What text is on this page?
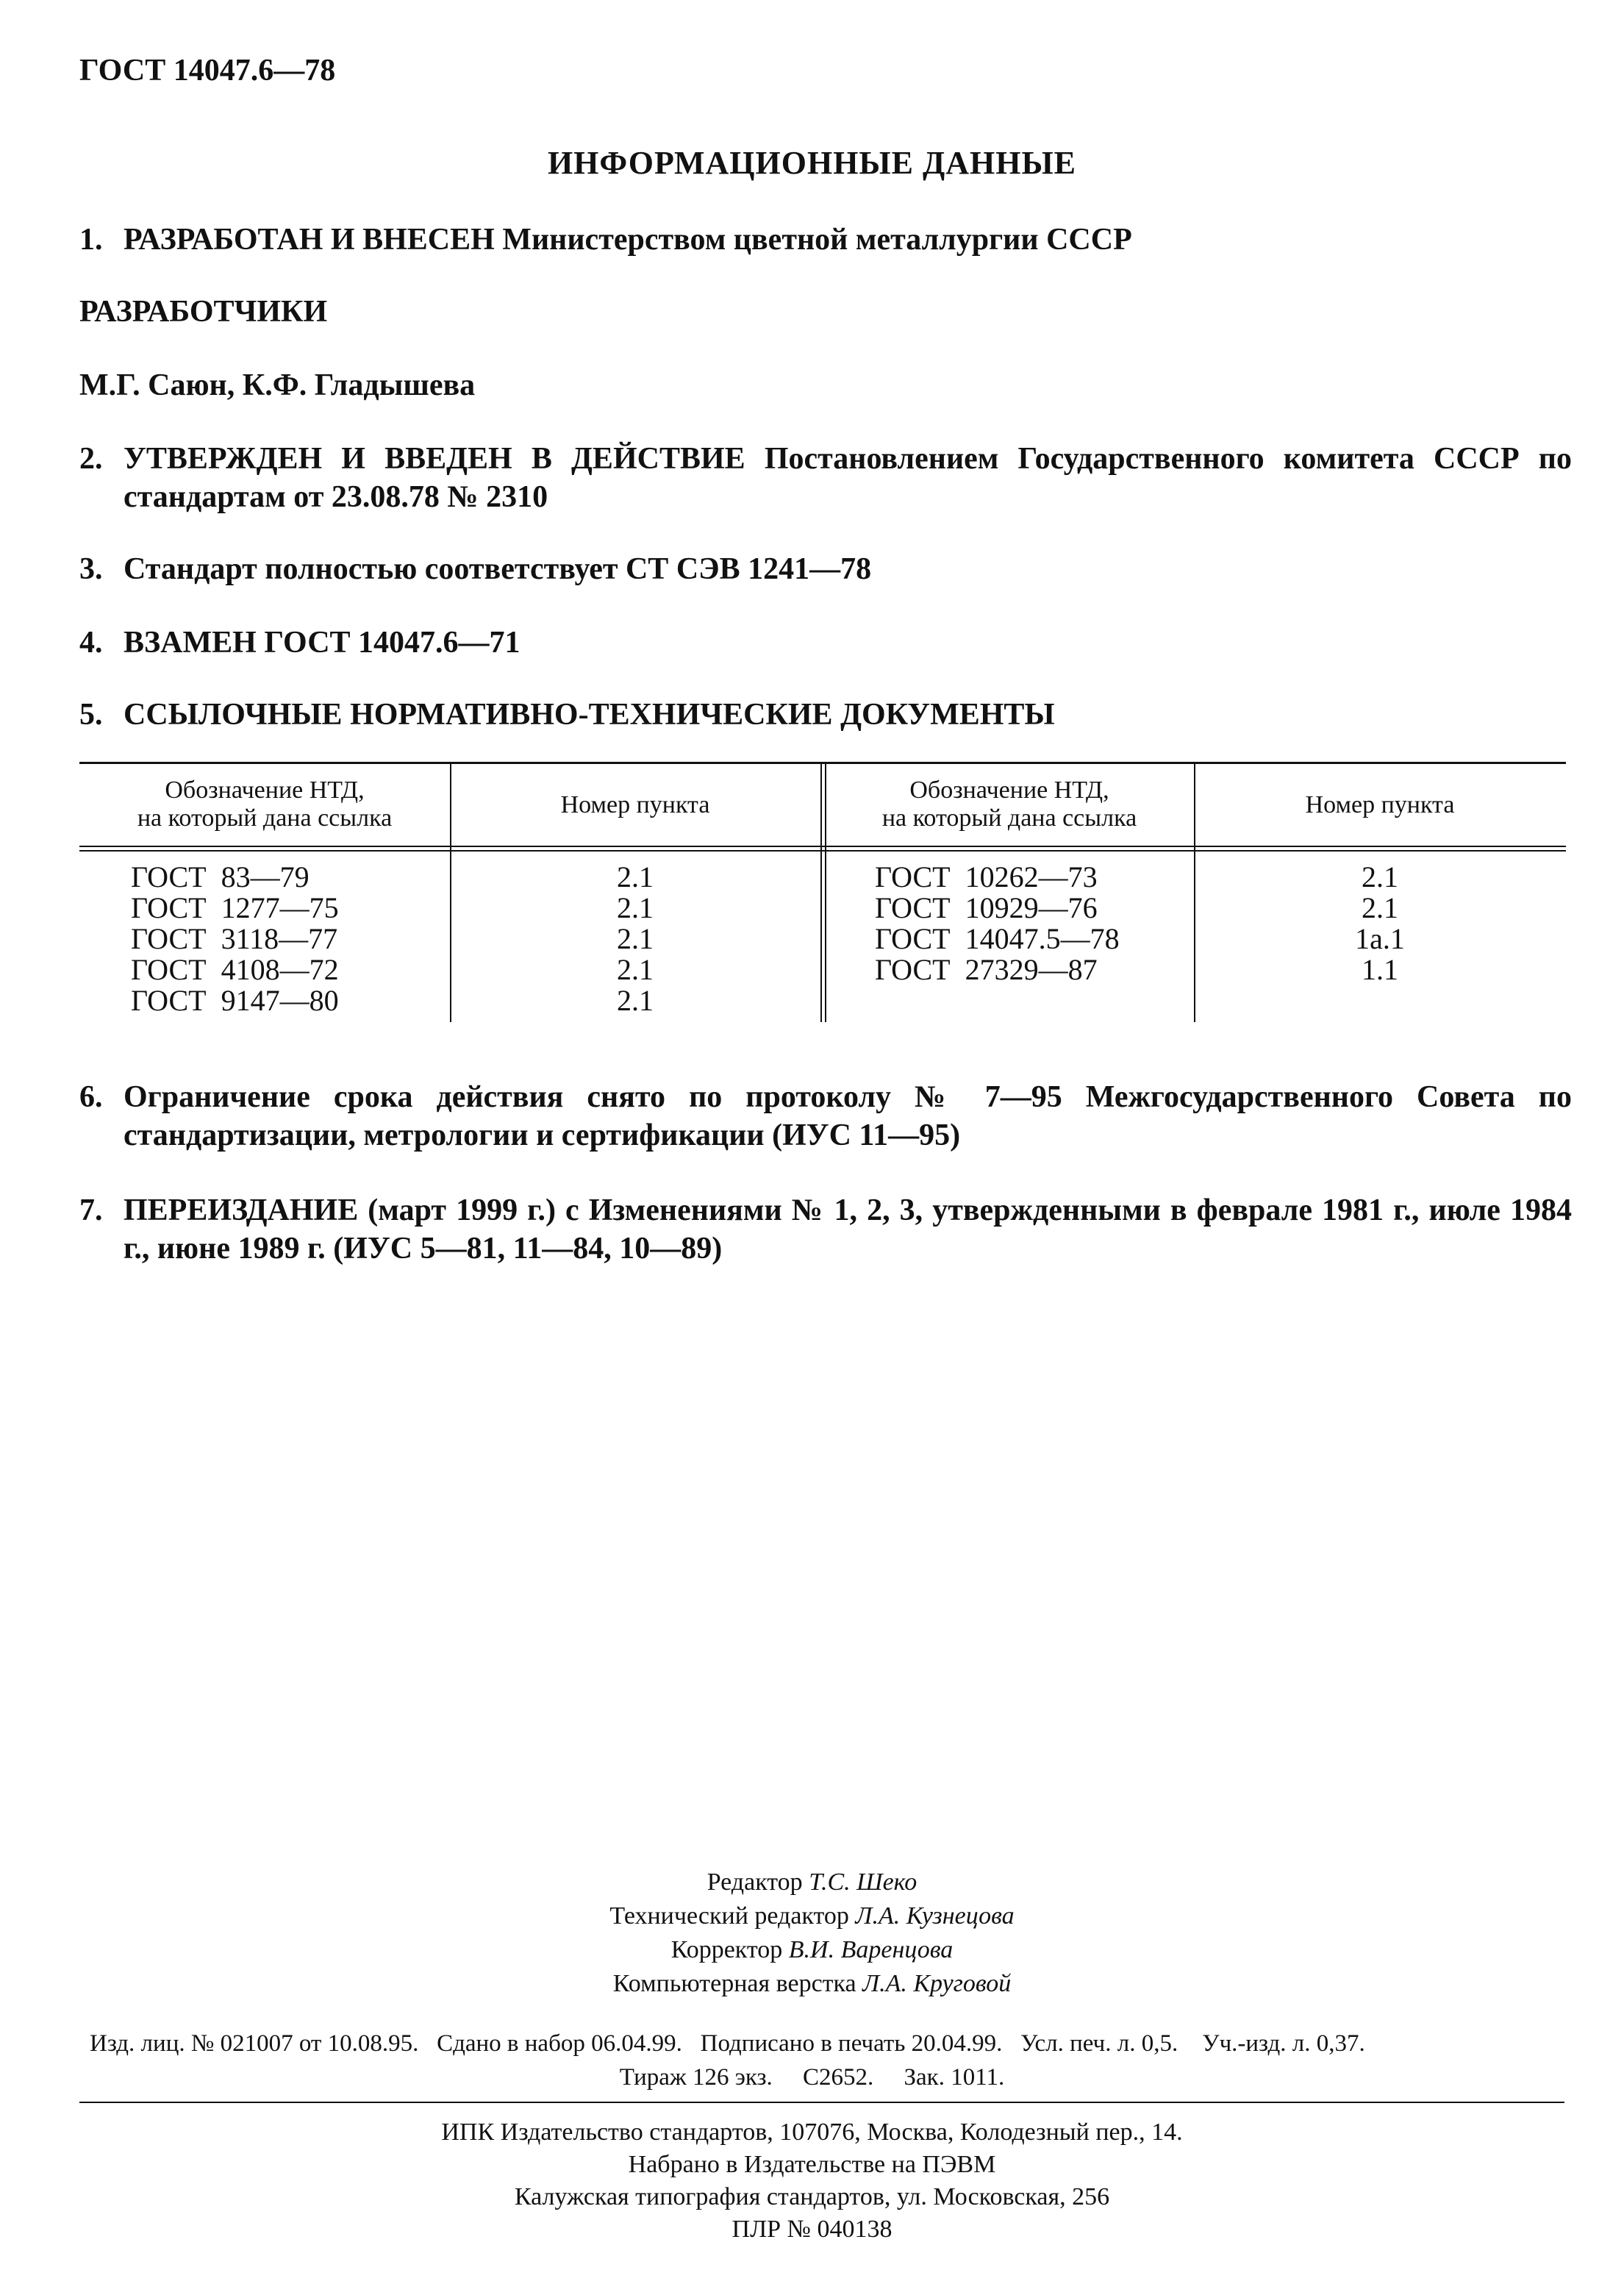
ГОСТ 14047.6—78
ИНФОРМАЦИОННЫЕ ДАННЫЕ
1. РАЗРАБОТАН И ВНЕСЕН Министерством цветной металлургии СССР
РАЗРАБОТЧИКИ
М.Г. Саюн, К.Ф. Гладышева
2. УТВЕРЖДЕН И ВВЕДЕН В ДЕЙСТВИЕ Постановлением Государственного комитета СССР по стандартам от 23.08.78 № 2310
3. Стандарт полностью соответствует СТ СЭВ 1241—78
4. ВЗАМЕН ГОСТ 14047.6—71
5. ССЫЛОЧНЫЕ НОРМАТИВНО-ТЕХНИЧЕСКИЕ ДОКУМЕНТЫ
Обозначение НТД,
на который дана ссылка	Номер пункта
Обозначение НТД,
на который дана ссылка	Номер пункта
ГОСТ  83—79
ГОСТ  1277—75
ГОСТ  3118—77
ГОСТ  4108—72
ГОСТ  9147—80
2.1
2.1
2.1
2.1
2.1
ГОСТ  10262—73
ГОСТ  10929—76
ГОСТ  14047.5—78
ГОСТ  27329—87
2.1
2.1
1а.1
1.1
6. Ограничение срока действия снято по протоколу № 7—95 Межгосударственного Совета по стандартизации, метрологии и сертификации (ИУС 11—95)
7. ПЕРЕИЗДАНИЕ (март 1999 г.) с Изменениями № 1, 2, 3, утвержденными в феврале 1981 г., июле 1984 г., июне 1989 г. (ИУС 5—81, 11—84, 10—89)
Редактор Т.С. Шеко
Технический редактор Л.А. Кузнецова
Корректор В.И. Варенцова
Компьютерная верстка Л.А. Круговой
Изд. лиц. № 021007 от 10.08.95.   Сдано в набор 06.04.99.   Подписано в печать 20.04.99.   Усл. печ. л. 0,5.    Уч.-изд. л. 0,37.
Тираж 126 экз.     С2652.     Зак. 1011.
ИПК Издательство стандартов, 107076, Москва, Колодезный пер., 14.
Набрано в Издательстве на ПЭВМ
Калужская типография стандартов, ул. Московская, 256
ПЛР № 040138
